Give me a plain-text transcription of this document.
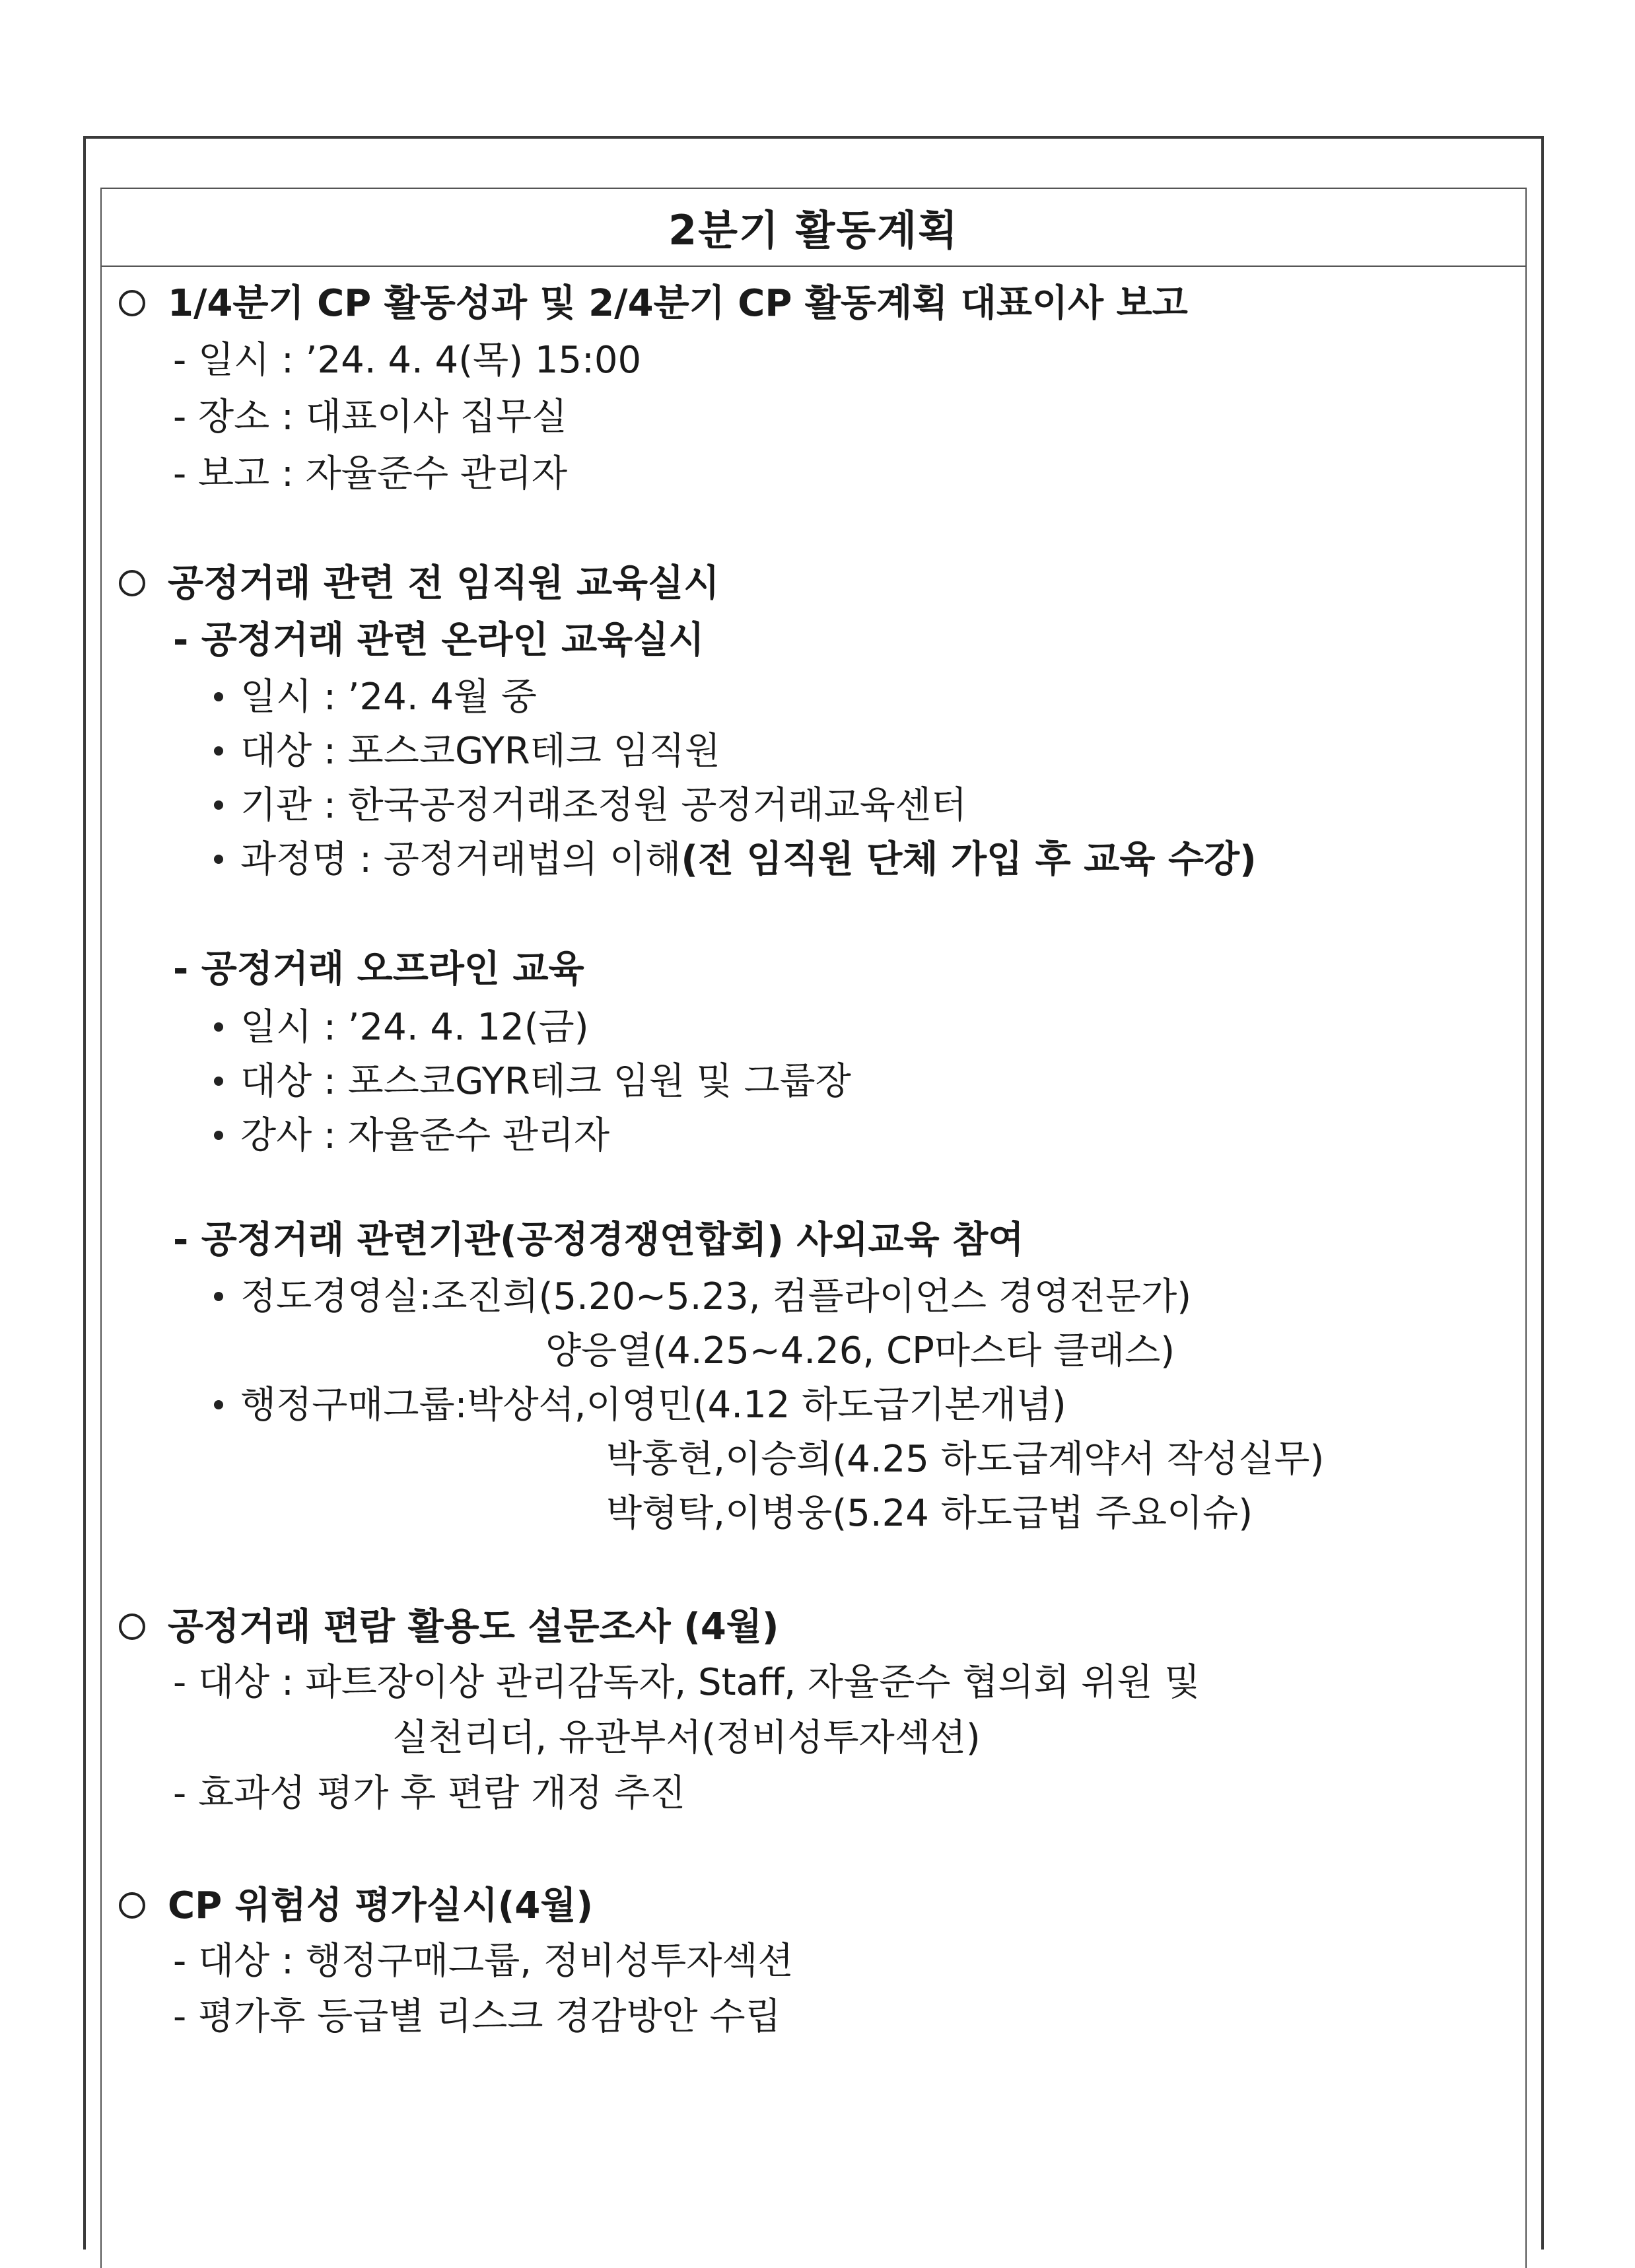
2분기 활동계획
1/4분기 CP 활동성과 및 2/4분기 CP 활동계획 대표이사 보고
- 일시 : ’24. 4. 4(목) 15:00
- 장소 : 대표이사 집무실
- 보고 : 자율준수 관리자
공정거래 관련 전 임직원 교육실시
- 공정거래 관련 온라인 교육실시
일시 : ’24. 4월 중
대상 : 포스코GYR테크 임직원
기관 : 한국공정거래조정원 공정거래교육센터
과정명 : 공정거래법의 이해(전 임직원 단체 가입 후 교육 수강)
- 공정거래 오프라인 교육
일시 : ’24. 4. 12(금)
대상 : 포스코GYR테크 임원 및 그룹장
강사 : 자율준수 관리자
- 공정거래 관련기관(공정경쟁연합회) 사외교육 참여
정도경영실:조진희(5.20~5.23, 컴플라이언스 경영전문가)
양응열(4.25~4.26, CP마스타 클래스)
행정구매그룹:박상석,이영민(4.12 하도급기본개념)
박홍현,이승희(4.25 하도급계약서 작성실무)
박형탁,이병웅(5.24 하도급법 주요이슈)
공정거래 편람 활용도 설문조사 (4월)
- 대상 : 파트장이상 관리감독자, Staff, 자율준수 협의회 위원 및
실천리더, 유관부서(정비성투자섹션)
- 효과성 평가 후 편람 개정 추진
CP 위험성 평가실시(4월)
- 대상 : 행정구매그룹, 정비성투자섹션
- 평가후 등급별 리스크 경감방안 수립
